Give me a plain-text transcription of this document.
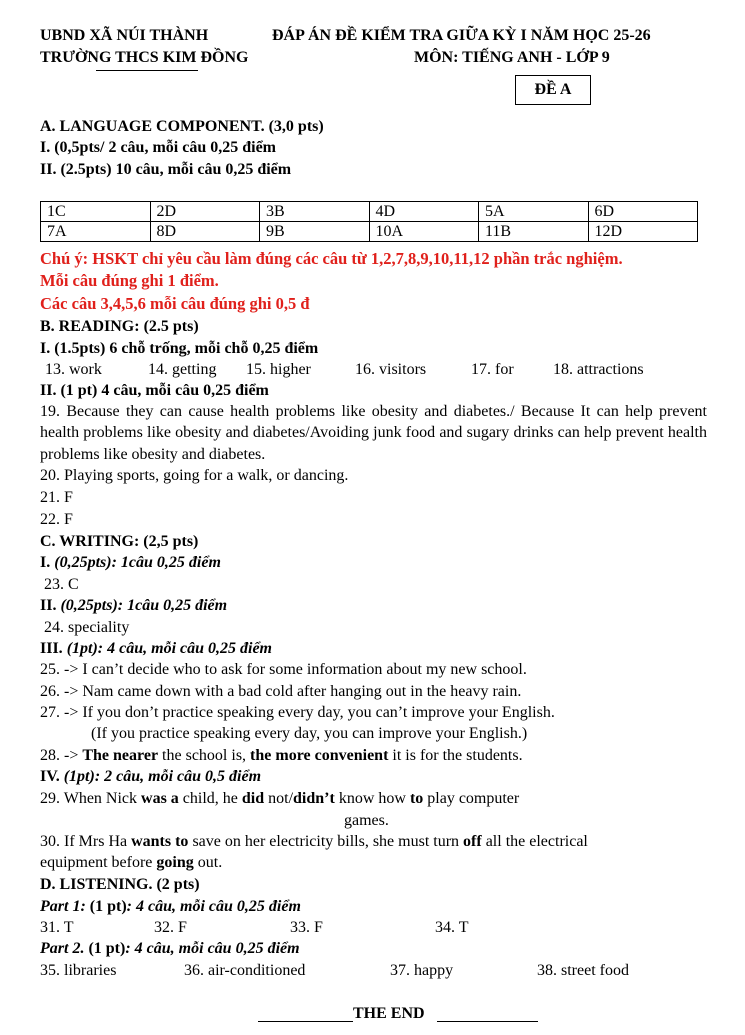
UBND XÃ NÚI THÀNH
TRƯỜNG THCS KIM ĐỒNG
ĐÁP ÁN ĐỀ KIỂM TRA GIỮA KỲ I NĂM HỌC 25-26
MÔN: TIẾNG ANH - LỚP 9
ĐỀ A
A. LANGUAGE COMPONENT. (3,0 pts)
I. (0,5pts/ 2 câu, mỗi câu 0,25 điểm
II. (2.5pts) 10 câu, mỗi câu 0,25 điểm
1C	2D	3B	4D	5A	6D
7A	8D	9B	10A	11B	12D
Chú ý: HSKT chỉ yêu cầu làm đúng các câu từ 1,2,7,8,9,10,11,12 phần trắc nghiệm.
Mỗi câu đúng ghi 1 điểm.
Các câu 3,4,5,6 mỗi câu đúng ghi 0,5 đ
B. READING: (2.5 pts)
I. (1.5pts) 6 chỗ trống, mỗi chỗ 0,25 điểm
13. work	14. getting 15. higher	16. visitors	17. for 18. attractions
II. (1 pt) 4 câu, mỗi câu 0,25 điểm
19. Because they can cause health problems like obesity and diabetes./ Because It can help prevent health problems like obesity and diabetes/Avoiding junk food and sugary drinks can help prevent health problems like obesity and diabetes.
20. Playing sports, going for a walk, or dancing.
21. F
22. F
C. WRITING: (2,5 pts)
I. (0,25pts): 1câu 0,25 điểm
23. C
II. (0,25pts): 1câu 0,25 điểm
24. speciality
III. (1pt): 4 câu, mỗi câu 0,25 điểm
25. -> I can’t decide who to ask for some information about my new school.
26. -> Nam came down with a bad cold after hanging out in the heavy rain.
27. -> If you don’t practice speaking every day, you can’t improve your English.
(If you practice speaking every day, you can improve your English.)
28. -> The nearer the school is, the more convenient it is for the students.
IV. (1pt): 2 câu, mỗi câu 0,5 điểm
29. When Nick was a child, he did not/didn’t know how to play computer
games.
30. If Mrs Ha wants to save on her electricity bills, she must turn off all the electrical
equipment before going out.
D. LISTENING. (2 pts)
Part 1: (1 pt): 4 câu, mỗi câu 0,25 điểm
31. T	32. F	33. F	34. T
Part 2. (1 pt): 4 câu, mỗi câu 0,25 điểm
35. libraries	36. air-conditioned	37. happy	38. street food
THE END
